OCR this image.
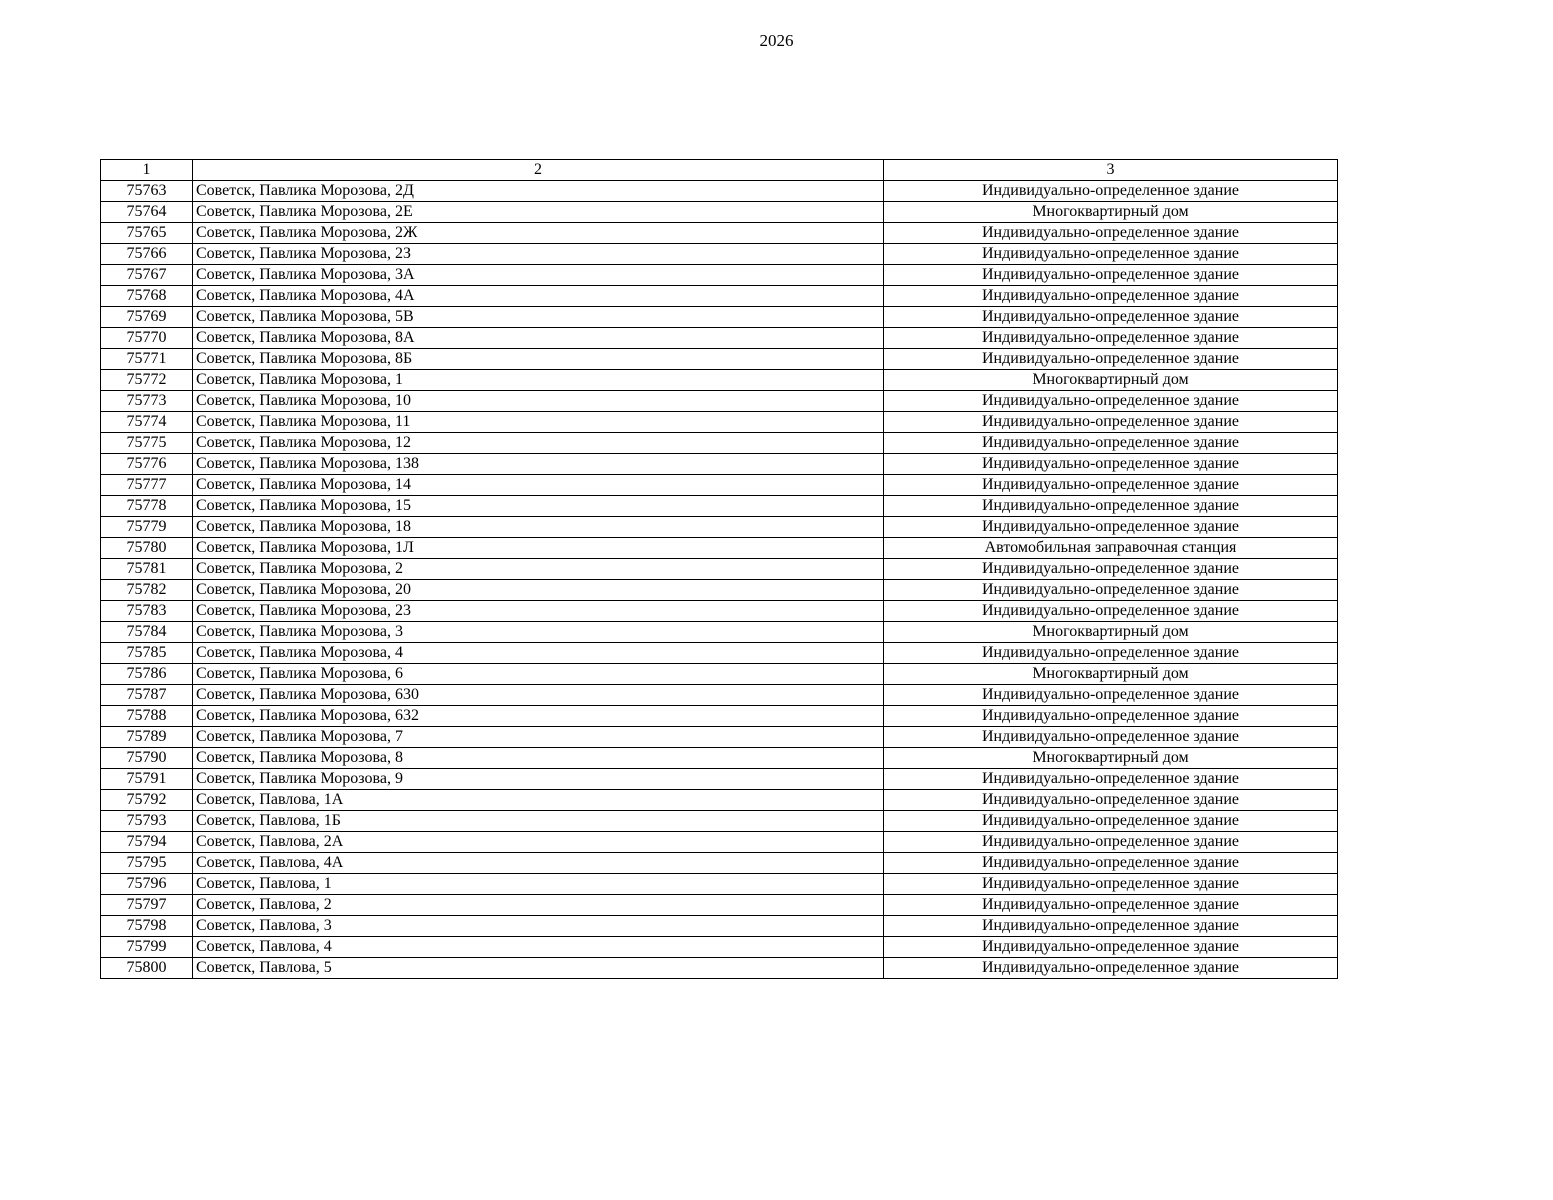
2026
1	2	3
75763	Советск, Павлика Морозова, 2Д	Индивидуально-определенное здание
75764	Советск, Павлика Морозова, 2Е	Многоквартирный дом
75765	Советск, Павлика Морозова, 2Ж	Индивидуально-определенное здание
75766	Советск, Павлика Морозова, 2З	Индивидуально-определенное здание
75767	Советск, Павлика Морозова, 3А	Индивидуально-определенное здание
75768	Советск, Павлика Морозова, 4А	Индивидуально-определенное здание
75769	Советск, Павлика Морозова, 5В	Индивидуально-определенное здание
75770	Советск, Павлика Морозова, 8А	Индивидуально-определенное здание
75771	Советск, Павлика Морозова, 8Б	Индивидуально-определенное здание
75772	Советск, Павлика Морозова, 1	Многоквартирный дом
75773	Советск, Павлика Морозова, 10	Индивидуально-определенное здание
75774	Советск, Павлика Морозова, 11	Индивидуально-определенное здание
75775	Советск, Павлика Морозова, 12	Индивидуально-определенное здание
75776	Советск, Павлика Морозова, 138	Индивидуально-определенное здание
75777	Советск, Павлика Морозова, 14	Индивидуально-определенное здание
75778	Советск, Павлика Морозова, 15	Индивидуально-определенное здание
75779	Советск, Павлика Морозова, 18	Индивидуально-определенное здание
75780	Советск, Павлика Морозова, 1Л	Автомобильная заправочная станция
75781	Советск, Павлика Морозова, 2	Индивидуально-определенное здание
75782	Советск, Павлика Морозова, 20	Индивидуально-определенное здание
75783	Советск, Павлика Морозова, 23	Индивидуально-определенное здание
75784	Советск, Павлика Морозова, 3	Многоквартирный дом
75785	Советск, Павлика Морозова, 4	Индивидуально-определенное здание
75786	Советск, Павлика Морозова, 6	Многоквартирный дом
75787	Советск, Павлика Морозова, 630	Индивидуально-определенное здание
75788	Советск, Павлика Морозова, 632	Индивидуально-определенное здание
75789	Советск, Павлика Морозова, 7	Индивидуально-определенное здание
75790	Советск, Павлика Морозова, 8	Многоквартирный дом
75791	Советск, Павлика Морозова, 9	Индивидуально-определенное здание
75792	Советск, Павлова, 1А	Индивидуально-определенное здание
75793	Советск, Павлова, 1Б	Индивидуально-определенное здание
75794	Советск, Павлова, 2А	Индивидуально-определенное здание
75795	Советск, Павлова, 4А	Индивидуально-определенное здание
75796	Советск, Павлова, 1	Индивидуально-определенное здание
75797	Советск, Павлова, 2	Индивидуально-определенное здание
75798	Советск, Павлова, 3	Индивидуально-определенное здание
75799	Советск, Павлова, 4	Индивидуально-определенное здание
75800	Советск, Павлова, 5	Индивидуально-определенное здание
